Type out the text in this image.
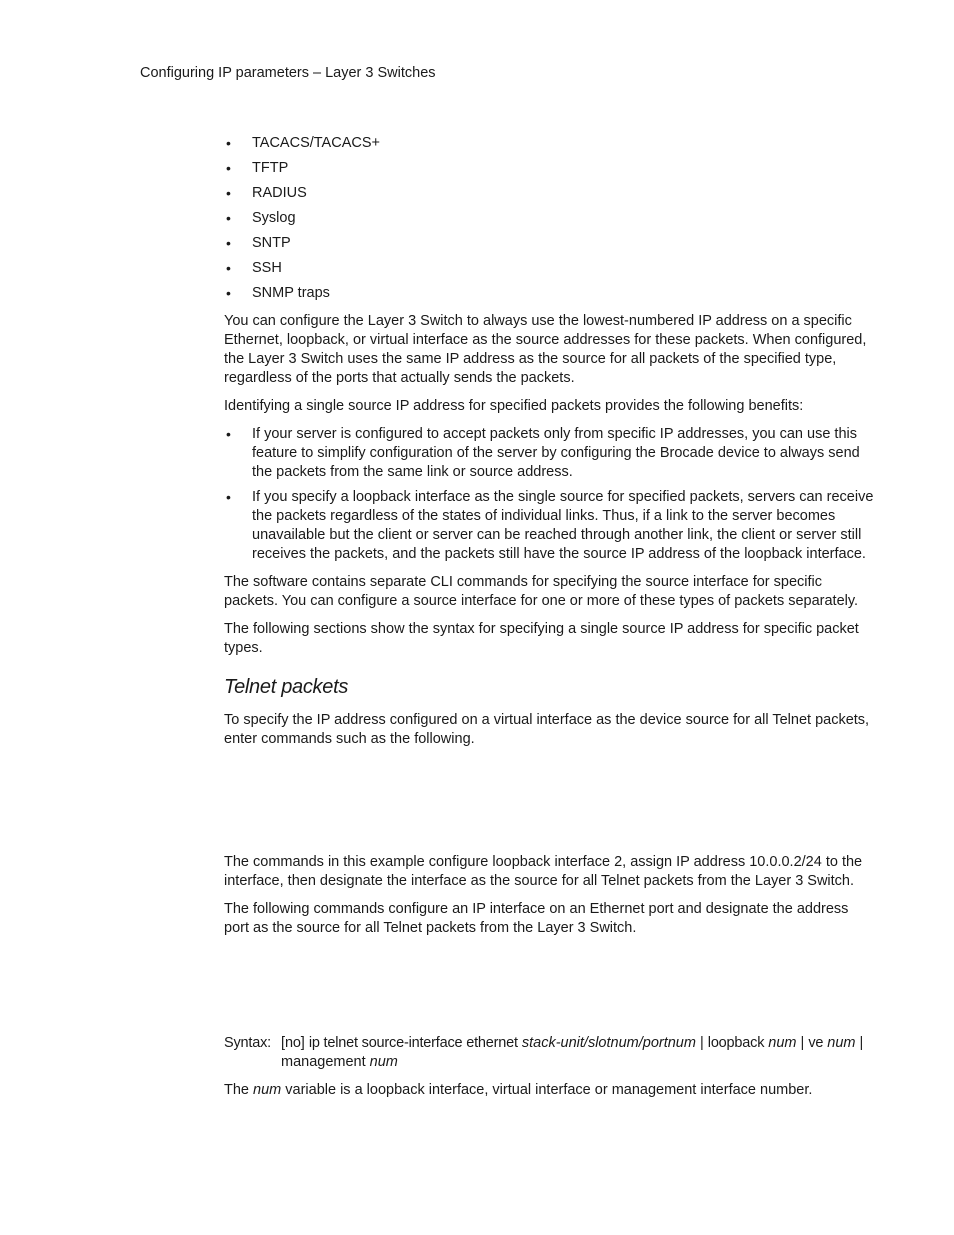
Configuring IP parameters – Layer 3 Switches
• TACACS/TACACS+
• TFTP
• RADIUS
• Syslog
• SNTP
• SSH
• SNMP traps

You can configure the Layer 3 Switch to always use the lowest-numbered IP address on a specific Ethernet, loopback, or virtual interface as the source addresses for these packets. When configured, the Layer 3 Switch uses the same IP address as the source for all packets of the specified type, regardless of the ports that actually sends the packets.

Identifying a single source IP address for specified packets provides the following benefits:

• If your server is configured to accept packets only from specific IP addresses, you can use this feature to simplify configuration of the server by configuring the Brocade device to always send the packets from the same link or source address.
• If you specify a loopback interface as the single source for specified packets, servers can receive the packets regardless of the states of individual links. Thus, if a link to the server becomes unavailable but the client or server can be reached through another link, the client or server still receives the packets, and the packets still have the source IP address of the loopback interface.

The software contains separate CLI commands for specifying the source interface for specific packets. You can configure a source interface for one or more of these types of packets separately.

The following sections show the syntax for specifying a single source IP address for specific packet types.

Telnet packets

To specify the IP address configured on a virtual interface as the device source for all Telnet packets, enter commands such as the following.

The commands in this example configure loopback interface 2, assign IP address 10.0.0.2/24 to the interface, then designate the interface as the source for all Telnet packets from the Layer 3 Switch.

The following commands configure an IP interface on an Ethernet port and designate the address port as the source for all Telnet packets from the Layer 3 Switch.

Syntax: [no] ip telnet source-interface ethernet stack-unit/slotnum/portnum | loopback num | ve num | management num

The num variable is a loopback interface, virtual interface or management interface number.
